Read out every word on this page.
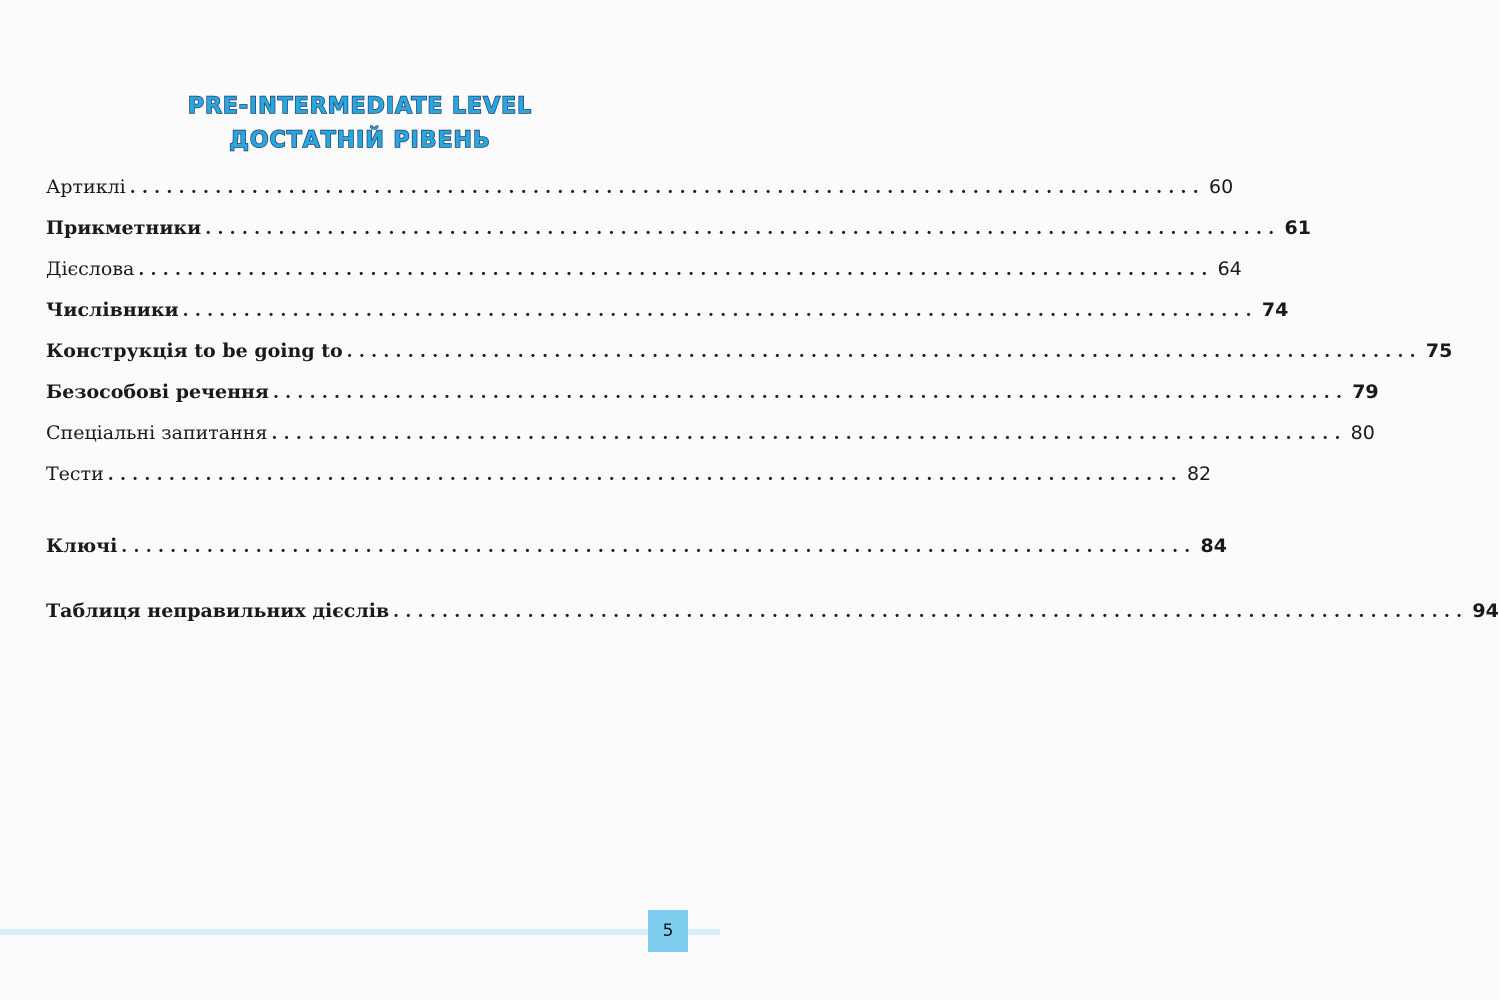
PRE-INTERMEDIATE LEVEL
ДОСТАТНІЙ РІВЕНЬ
Артиклі ........................................................................................ 60
Прикметники ........................................................................................ 61
Дієслова ........................................................................................ 64
Числівники ........................................................................................ 74
Конструкція to be going to ........................................................................................ 75
Безособові речення ........................................................................................ 79
Спеціальні запитання ........................................................................................ 80
Тести ........................................................................................ 82
Ключі ........................................................................................ 84
Таблиця неправильних дієслів ........................................................................................ 94
5
